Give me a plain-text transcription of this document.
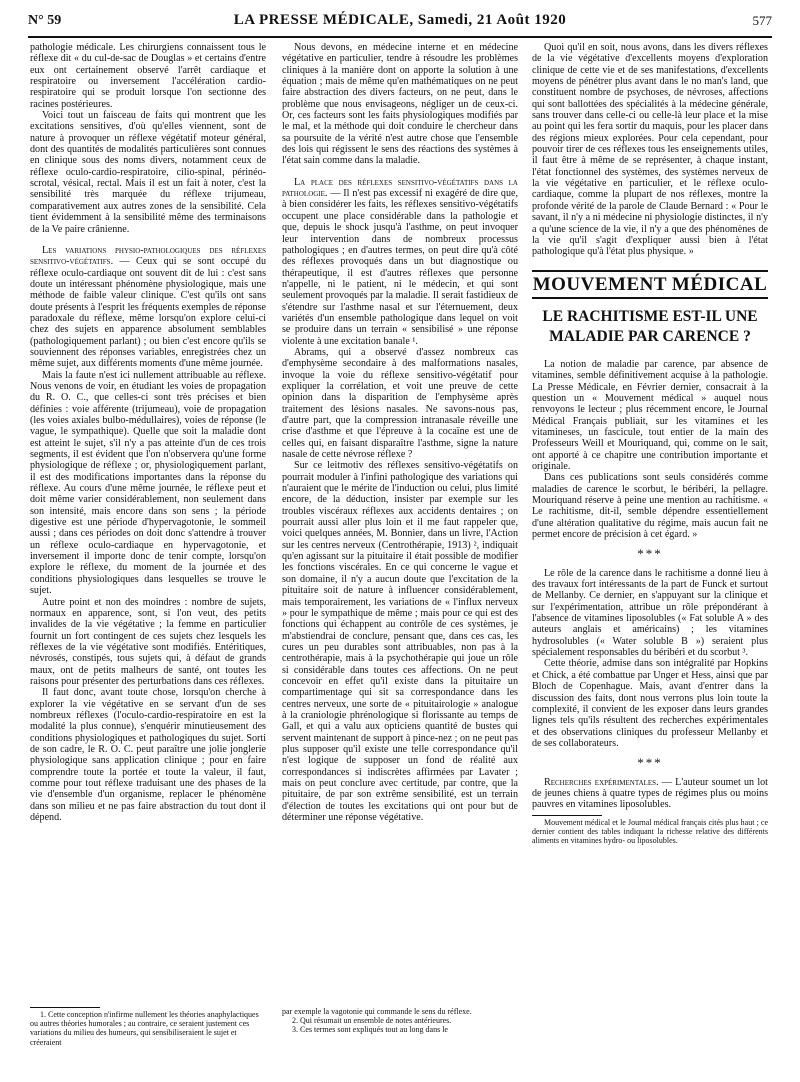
N° 59	LA PRESSE MÉDICALE, Samedi, 21 Août 1920	577

pathologie médicale. Les chirurgiens connaissent tous le réflexe dit « du cul-de-sac de Douglas » et certains d'entre eux ont certainement observé l'arrêt cardiaque et respiratoire ou inversement l'accélération cardio-respiratoire qui se produit lorsque l'on sectionne des racines postérieures.

Voici tout un faisceau de faits qui montrent que les excitations sensitives, d'où qu'elles viennent, sont de nature à provoquer un réflexe végétatif moteur général, dont des quantités de modalités particulières sont connues en clinique sous des noms divers, notamment ceux de réflexe oculo-cardio-respiratoire, cilio-spinal, périnéo-scrotal, vésical, rectal. Mais il est un fait à noter, c'est la sensibilité très marquée du réflexe trijumeau, comparativement aux autres zones de la sensibilité. Cela tient évidemment à la sensibilité même des terminaisons de la Ve paire crânienne.

Les variations physio-pathologiques des réflexes sensitivo-végétatifs. — Ceux qui se sont occupé du réflexe oculo-cardiaque ont souvent dit de lui : c'est sans doute un intéressant phénomène physiologique, mais une méthode de faible valeur clinique. C'est qu'ils ont sans doute présents à l'esprit les fréquents exemples de réponse paradoxale du réflexe, même lorsqu'on explore celui-ci chez des sujets en apparence absolument semblables (pathologiquement parlant) ; ou bien c'est encore qu'ils se souviennent des réponses variables, enregistrées chez un même sujet, aux différents moments d'une même journée.

Mais la faute n'est ici nullement attribuable au réflexe. Nous venons de voir, en étudiant les voies de propagation du R. O. C., que celles-ci sont très précises et bien définies : voie afférente (trijumeau), voie de propagation (les voies axiales bulbo-médullaires), voies de réponse (le vague, le sympathique). Quelle que soit la maladie dont est atteint le sujet, s'il n'y a pas atteinte d'un de ces trois segments, il est évident que l'on n'observera qu'une forme physiologique de réflexe ; or, physiologiquement parlant, il est des modifications importantes dans la réponse du réflexe. Au cours d'une même journée, le réflexe peut et doit même varier considérablement, non seulement dans son intensité, mais encore dans son sens ; la période digestive est une période d'hypervagotonie, le sommeil aussi ; dans ces périodes on doit donc s'attendre à trouver un réflexe oculo-cardiaque en hypervagotonie, et inversement il importe donc de tenir compte, lorsqu'on explore le réflexe, du moment de la journée et des conditions physiologiques dans lesquelles se trouve le sujet.

Autre point et non des moindres : nombre de sujets, normaux en apparence, sont, si l'on veut, des petits invalides de la vie végétative ; la femme en particulier fournit un fort contingent de ces sujets chez lesquels les réflexes de la vie végétative sont modifiés. Entéritiques, névrosés, constipés, tous sujets qui, à défaut de grands maux, ont de petits malheurs de santé, ont toutes les raisons pour présenter des perturbations dans ces réflexes.

Il faut donc, avant toute chose, lorsqu'on cherche à explorer la vie végétative en se servant d'un de ses nombreux réflexes (l'oculo-cardio-respiratoire en est la modalité la plus connue), s'enquérir minutieusement des conditions physiologiques et pathologiques du sujet. Sorti de son cadre, le R. O. C. peut paraître une jolie jonglerie physiologique sans application clinique ; pour en faire comprendre toute la portée et toute la valeur, il faut, comme pour tout réflexe traduisant une des phases de la vie d'ensemble d'un organisme, replacer le phénomène dans son milieu et ne pas faire abstraction du tout dont il dépend.

1. Cette conception n'infirme nullement les théories anaphylactiques ou autres théories humorales ; au contraire, ce seraient justement ces variations du milieu des humeurs, qui sensibiliseraient le sujet et créeraient

Nous devons, en médecine interne et en médecine végétative en particulier, tendre à résoudre les problèmes cliniques à la manière dont on apporte la solution à une équation ; mais de même qu'en mathématiques on ne peut faire abstraction des divers facteurs, on ne peut, dans le problème que nous envisageons, négliger un de ceux-ci. Or, ces facteurs sont les faits physiologiques modifiés par le mal, et la méthode qui doit conduire le chercheur dans sa poursuite de la vérité n'est autre chose que l'ensemble des lois qui régissent le sens des réactions des systèmes à l'état sain comme dans la maladie.

La place des réflexes sensitivo-végétatifs dans la pathologie. — Il n'est pas excessif ni exagéré de dire que, à bien considérer les faits, les réflexes sensitivo-végétatifs occupent une place considérable dans la pathologie et que, depuis le shock jusqu'à l'asthme, on peut invoquer leur intervention dans de nombreux processus pathologiques ; en d'autres termes, on peut dire qu'à côté des réflexes provoqués dans un but diagnostique ou thérapeutique, il est d'autres réflexes que personne n'appelle, ni le patient, ni le médecin, et qui sont seulement provoqués par la maladie. Il serait fastidieux de s'étendre sur l'asthme nasal et sur l'éternuement, deux variétés d'un ensemble pathologique dans lequel on voit se produire dans un terrain « sensibilisé » une réponse violente à une excitation banale ¹.

Abrams, qui a observé d'assez nombreux cas d'emphysème secondaire à des malformations nasales, invoque la voie du réflexe sensitivo-végétatif pour expliquer la corrélation, et voit une preuve de cette opinion dans la disparition de l'emphysème après traitement des lésions nasales. Ne savons-nous pas, d'autre part, que la compression intranasale réveille une crise d'asthme et que l'épreuve à la cocaïne est une de celles qui, en faisant disparaître l'asthme, signe la nature nasale de cette névrose réflexe ?

Sur ce leitmotiv des réflexes sensitivo-végétatifs on pourrait moduler à l'infini pathologique des variations qui n'auraient que le mérite de l'induction ou celui, plus limité encore, de la déduction, insister par exemple sur les troubles viscéraux réflexes aux accidents dentaires ; on pourrait aussi aller plus loin et il me faut rappeler que, voici quelques années, M. Bonnier, dans un livre, l'Action sur les centres nerveux (Centrothérapie, 1913) ², indiquait qu'en agissant sur la pituitaire il était possible de modifier les fonctions viscérales. En ce qui concerne le vague et son domaine, il n'y a aucun doute que l'excitation de la pituitaire soit de nature à influencer considérablement, mais temporairement, les variations de « l'influx nerveux » pour le sympathique de même ; mais pour ce qui est des fonctions qui échappent au contrôle de ces systèmes, je m'abstiendrai de conclure, pensant que, dans ces cas, les cures un peu durables sont attribuables, non pas à la centrothérapie, mais à la psychothérapie qui joue un rôle si considérable dans toutes ces affections. On ne peut concevoir en effet qu'il existe dans la pituitaire un compartimentage qui sit sa correspondance dans les centres nerveux, une sorte de « pituitairologie » analogue à la craniologie phrénologique si florissante au temps de Gall, et qui a valu aux opticiens quantité de bustes qui servent maintenant de support à pince-nez ; on ne peut pas plus supposer qu'il existe une telle correspondance qu'il n'est logique de supposer un fond de réalité aux correspondances si indiscrètes affirmées par Lavater ; mais on peut conclure avec certitude, par contre, que la pituitaire, de par son extrême sensibilité, est un terrain d'élection de toutes les excitations qui ont pour but de déterminer une réponse végétative.

par exemple la vagotonie qui commande le sens du réflexe.

2. Qui résumait un ensemble de notes antérieures.

3. Ces termes sont expliqués tout au long dans le

Quoi qu'il en soit, nous avons, dans les divers réflexes de la vie végétative d'excellents moyens d'exploration clinique de cette vie et de ses manifestations, d'excellents moyens de pénétrer plus avant dans le no man's land, que constituent nombre de psychoses, de névroses, affections qui sont ballottées des spécialités à la médecine générale, sans trouver dans celle-ci ou celle-là leur place et la mise au point qui les fera sortir du maquis, pour les placer dans des régions mieux explorées. Pour cela cependant, pour pouvoir tirer de ces réflexes tous les enseignements utiles, il faut être à même de se représenter, à chaque instant, l'état fonctionnel des systèmes, des systèmes nerveux de la vie végétative en particulier, et le réflexe oculo-cardiaque, comme la plupart de nos réflexes, montre la profonde vérité de la parole de Claude Bernard : « Pour le savant, il n'y a ni médecine ni physiologie distinctes, il n'y a qu'une science de la vie, il n'y a que des phénomènes de la vie qu'il s'agit d'expliquer aussi bien à l'état pathologique qu'à l'état plus physique. »

MOUVEMENT MÉDICAL
LE RACHITISME EST-IL UNE MALADIE PAR CARENCE ?

La notion de maladie par carence, par absence de vitamines, semble définitivement acquise à la pathologie. La Presse Médicale, en Février dernier, consacrait à la question un « Mouvement médical » auquel nous renvoyons le lecteur ; plus récemment encore, le Journal Médical Français publiait, sur les vitamines et les vitamineses, un fascicule, tout entier de la main des Professeurs Weill et Mouriquand, qui, comme on le sait, ont apporté à ce chapitre une contribution importante et originale.

Dans ces publications sont seuls considérés comme maladies de carence le scorbut, le béribéri, la pellagre. Mouriquand réserve à peine une mention au rachitisme. « Le rachitisme, dit-il, semble dépendre essentiellement d'une altération qualitative du régime, mais aucun fait ne permet encore de précision à cet égard. »

***

Le rôle de la carence dans le rachitisme a donné lieu à des travaux fort intéressants de la part de Funck et surtout de Mellanby. Ce dernier, en s'appuyant sur la clinique et sur l'expérimentation, attribue un rôle prépondérant à l'absence de vitamines liposolubles (« Fat soluble A » des auteurs anglais et américains) ; les vitamines hydrosolubles (« Water soluble B ») seraient plus spécialement responsables du béribéri et du scorbut ³.

Cette théorie, admise dans son intégralité par Hopkins et Chick, a été combattue par Unger et Hess, ainsi que par Bloch de Copenhague. Mais, avant d'entrer dans la discussion des faits, dont nous verrons plus loin toute la complexité, il convient de les exposer dans leurs grandes lignes tels qu'ils résultent des recherches expérimentales et des observations cliniques du professeur Mellanby et de ses collaborateurs.

***

Recherches expérimentales. — L'auteur soumet un lot de jeunes chiens à quatre types de régimes plus ou moins pauvres en vitamines liposolubles.

Mouvement médical et le Journal médical français cités plus haut ; ce dernier contient des tables indiquant la richesse relative des différents aliments en vitamines hydro- ou liposolubles.
